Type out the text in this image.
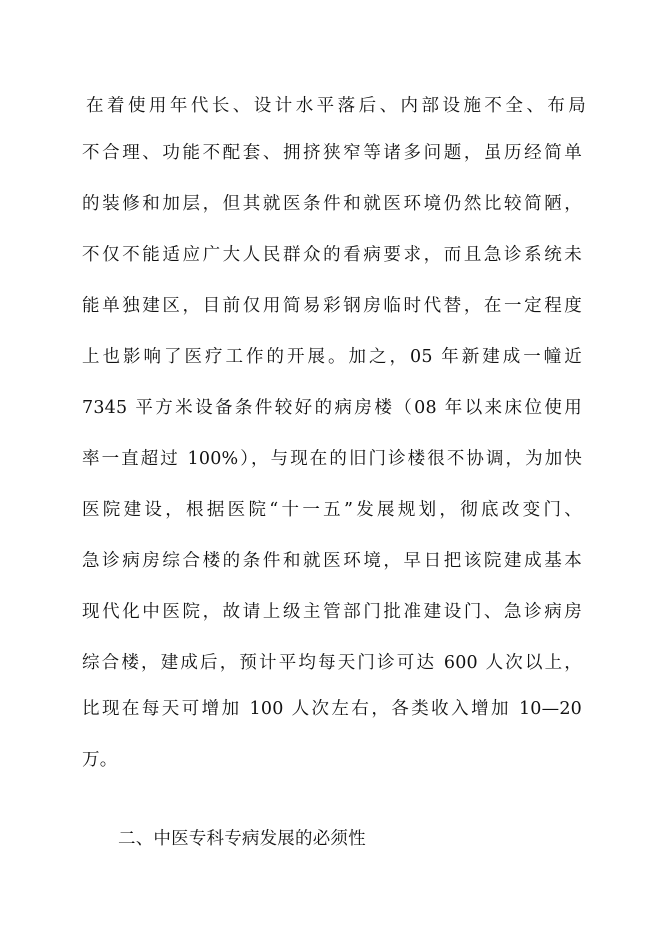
在着使用年代长、设计水平落后、内部设施不全、布局
不合理、功能不配套、拥挤狭窄等诸多问题，虽历经简单
的装修和加层，但其就医条件和就医环境仍然比较简陋，
不仅不能适应广大人民群众的看病要求，而且急诊系统未
能单独建区，目前仅用简易彩钢房临时代替，在一定程度
上也影响了医疗工作的开展。加之，05 年新建成一幢近
7345 平方米设备条件较好的病房楼（08 年以来床位使用
率一直超过 100%），与现在的旧门诊楼很不协调，为加快
医院建设，根据医院“十一五”发展规划，彻底改变门、
急诊病房综合楼的条件和就医环境，早日把该院建成基本
现代化中医院，故请上级主管部门批准建设门、急诊病房
综合楼，建成后，预计平均每天门诊可达 600 人次以上，
比现在每天可增加 100 人次左右，各类收入增加 10—20
万。
二、中医专科专病发展的必须性
